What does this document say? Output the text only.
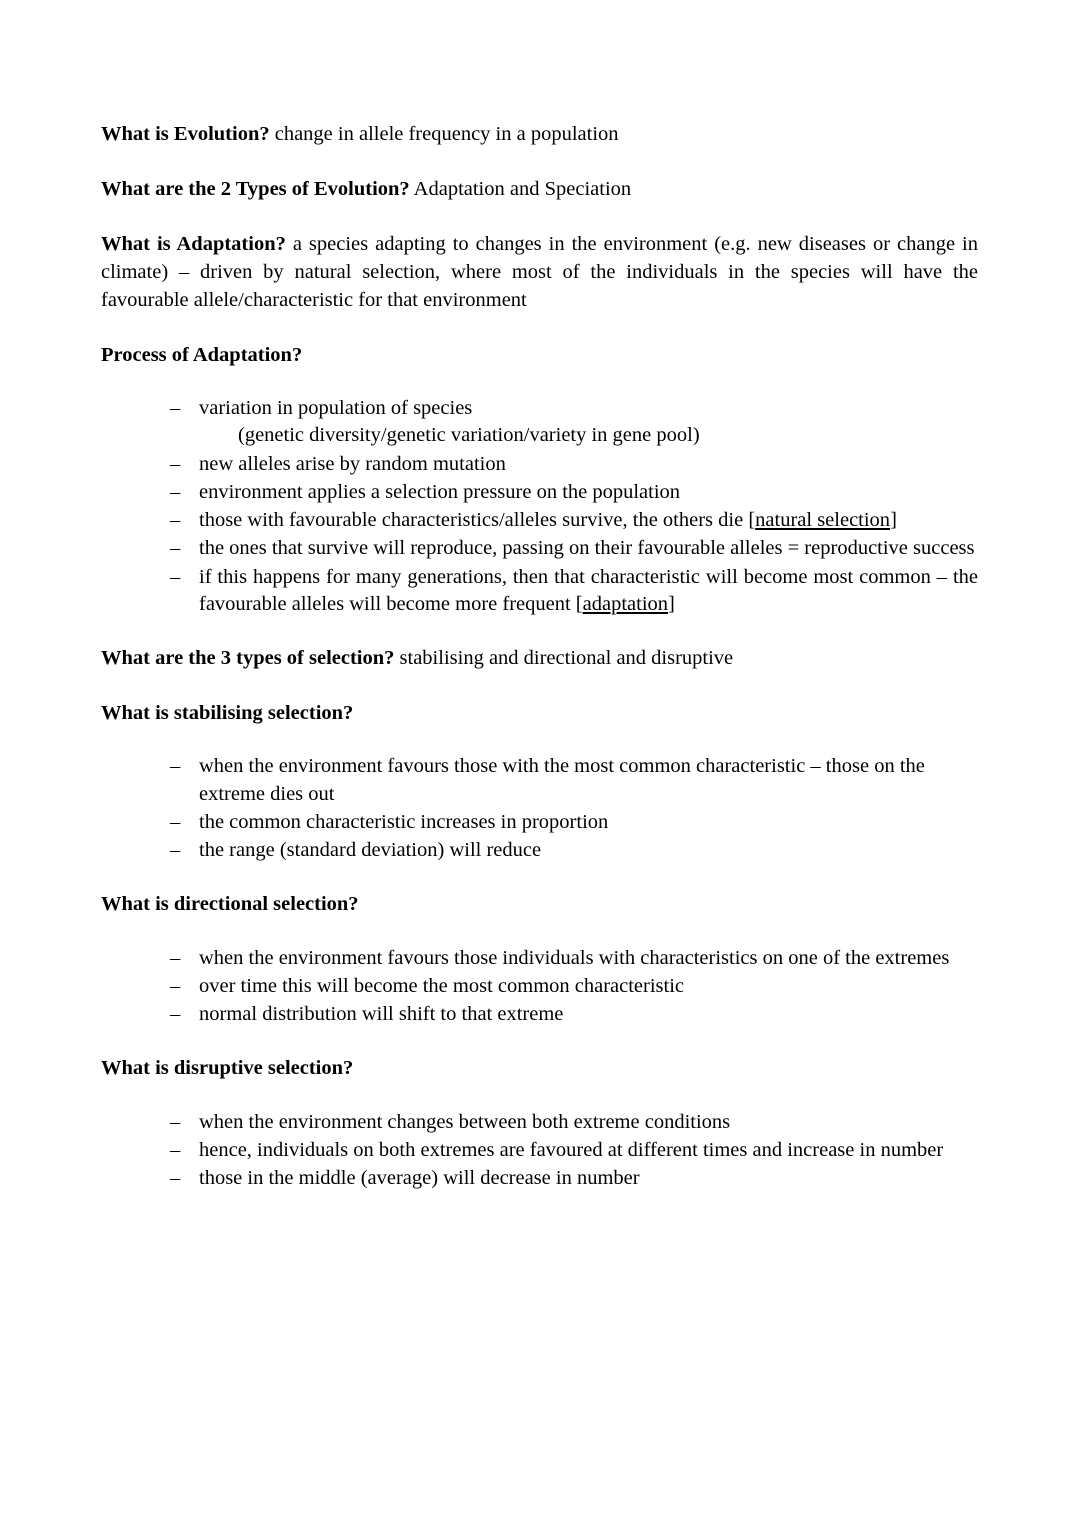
What is Evolution? change in allele frequency in a population

What are the 2 Types of Evolution? Adaptation and Speciation

What is Adaptation? a species adapting to changes in the environment (e.g. new diseases or change in climate) – driven by natural selection, where most of the individuals in the species will have the favourable allele/characteristic for that environment

Process of Adaptation?

– variation in population of species
(genetic diversity/genetic variation/variety in gene pool)
– new alleles arise by random mutation
– environment applies a selection pressure on the population
– those with favourable characteristics/alleles survive, the others die [natural selection]
– the ones that survive will reproduce, passing on their favourable alleles = reproductive success
– if this happens for many generations, then that characteristic will become most common – the favourable alleles will become more frequent [adaptation]

What are the 3 types of selection? stabilising and directional and disruptive

What is stabilising selection?

– when the environment favours those with the most common characteristic – those on the extreme dies out
– the common characteristic increases in proportion
– the range (standard deviation) will reduce

What is directional selection?

– when the environment favours those individuals with characteristics on one of the extremes
– over time this will become the most common characteristic
– normal distribution will shift to that extreme

What is disruptive selection?

– when the environment changes between both extreme conditions
– hence, individuals on both extremes are favoured at different times and increase in number
– those in the middle (average) will decrease in number
